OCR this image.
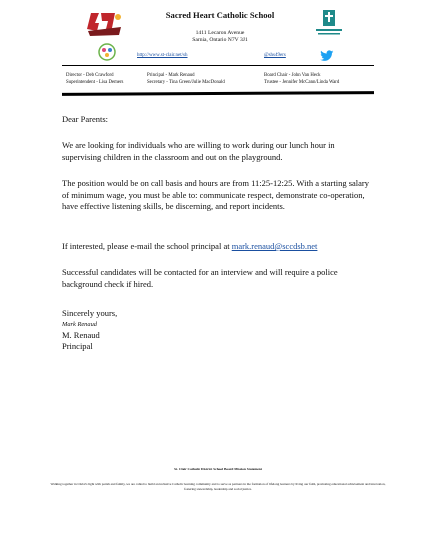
Sacred Heart Catholic School
1411 Lecaron Avenue
Sarnia, Ontario N7V 3J1
http://www.st-clair.net/sh	@shs49ers
Director - Deb Crawford
Superintendent - Lisa Demers
Principal - Mark Renaud
Secretary - Tina Green/Julie MacDonald
Board Chair - John Van Heck
Trustee - Jennifer McCann/Linda Ward
Dear Parents:
We are looking for individuals who are willing to work during our lunch hour in supervising children in the classroom and out on the playground.
The position would be on call basis and hours are from 11:25-12:25. With a starting salary of minimum wage, you must be able to: communicate respect, demonstrate co-operation, have effective listening skills, be discerning, and report incidents.
If interested, please e-mail the school principal at mark.renaud@sccdsb.net
Successful candidates will be contacted for an interview and will require a police background check if hired.
Sincerely yours,
Mark Renaud
M. Renaud
Principal
St. Clair Catholic District School Board Mission Statement
Walking together in Christ's light with parish and family, we are called to build an inclusive Catholic learning community and to serve as partners in the formation of lifelong learners by living our faith, promoting educational achievement and innovation, fostering stewardship, leadership and social justice.
